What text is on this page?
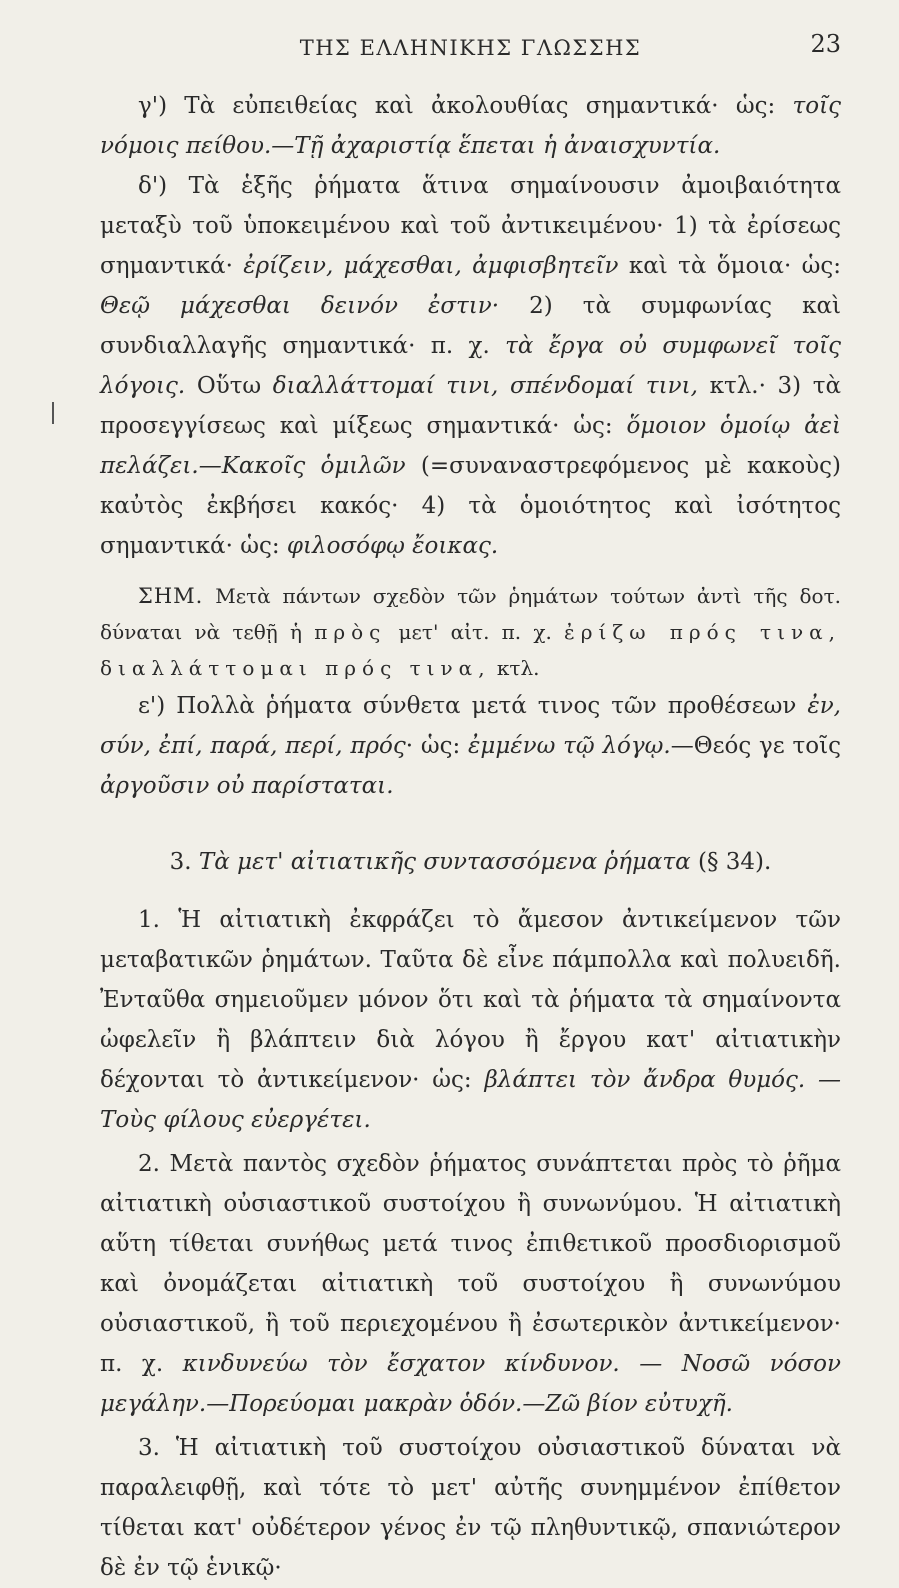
ΤΗΣ ΕΛΛΗΝΙΚΗΣ ΓΛΩΣΣΗΣ	23

γ') Τὰ εὐπειθείας καὶ ἀκολουθίας σημαντικά· ὡς: τοῖς νόμοις πείθου.—Τῇ ἀχαριστίᾳ ἕπεται ἡ ἀναισχυντία.

δ') Τὰ ἑξῆς ῥήματα ἅτινα σημαίνουσιν ἀμοιβαιότητα μεταξὺ τοῦ ὑποκειμένου καὶ τοῦ ἀντικειμένου· 1) τὰ ἐρίσεως σημαντικά· ἐρίζειν, μάχεσθαι, ἀμφισβητεῖν καὶ τὰ ὅμοια· ὡς: Θεῷ μάχεσθαι δεινόν ἐστιν· 2) τὰ συμφωνίας καὶ συνδιαλλαγῆς σημαντικά· π. χ. τὰ ἔργα οὐ συμφωνεῖ τοῖς λόγοις. Οὕτω διαλλάττομαί τινι, σπένδομαί τινι, κτλ.· 3) τὰ προσεγγίσεως καὶ μίξεως σημαντικά· ὡς: ὅμοιον ὁμοίῳ ἀεὶ πελάζει.—Κακοῖς ὁμιλῶν (=συναναστρεφόμενος μὲ κακοὺς) καὐτὸς ἐκβήσει κακός· 4) τὰ ὁμοιότητος καὶ ἰσότητος σημαντικά· ὡς: φιλοσόφῳ ἔοικας.

ΣΗΜ. Μετὰ πάντων σχεδὸν τῶν ῥημάτων τούτων ἀντὶ τῆς δοτ. δύναται νὰ τεθῇ ἡ πρὸς μετ' αἰτ. π. χ. ἐρίζω πρός τινα, διαλλάττομαι πρός τινα, κτλ.

ε') Πολλὰ ῥήματα σύνθετα μετά τινος τῶν προθέσεων ἐν, σύν, ἐπί, παρά, περί, πρός· ὡς: ἐμμένω τῷ λόγῳ.—Θεός γε τοῖς ἀργοῦσιν οὐ παρίσταται.

3. Τὰ μετ' αἰτιατικῆς συντασσόμενα ῥήματα (§ 34).

1. Ἡ αἰτιατικὴ ἐκφράζει τὸ ἄμεσον ἀντικείμενον τῶν μεταβατικῶν ῥημάτων. Ταῦτα δὲ εἶνε πάμπολλα καὶ πολυειδῆ. Ἐνταῦθα σημειοῦμεν μόνον ὅτι καὶ τὰ ῥήματα τὰ σημαίνοντα ὠφελεῖν ἢ βλάπτειν διὰ λόγου ἢ ἔργου κατ' αἰτιατικὴν δέχονται τὸ ἀντικείμενον· ὡς: βλάπτει τὸν ἄνδρα θυμός. — Τοὺς φίλους εὐεργέτει.

2. Μετὰ παντὸς σχεδὸν ῥήματος συνάπτεται πρὸς τὸ ῥῆμα αἰτιατικὴ οὐσιαστικοῦ συστοίχου ἢ συνωνύμου. Ἡ αἰτιατικὴ αὕτη τίθεται συνήθως μετά τινος ἐπιθετικοῦ προσδιορισμοῦ καὶ ὀνομάζεται αἰτιατικὴ τοῦ συστοίχου ἢ συνωνύμου οὐσιαστικοῦ, ἢ τοῦ περιεχομένου ἢ ἐσωτερικὸν ἀντικείμενον· π. χ. κινδυνεύω τὸν ἔσχατον κίνδυνον. — Νοσῶ νόσον μεγάλην.—Πορεύομαι μακρὰν ὁδόν.—Ζῶ βίον εὐτυχῆ.

3. Ἡ αἰτιατικὴ τοῦ συστοίχου οὐσιαστικοῦ δύναται νὰ παραλειφθῇ, καὶ τότε τὸ μετ' αὐτῆς συνημμένον ἐπίθετον τίθεται κατ' οὐδέτερον γένος ἐν τῷ πληθυντικῷ, σπανιώτερον δὲ ἐν τῷ ἑνικῷ·
